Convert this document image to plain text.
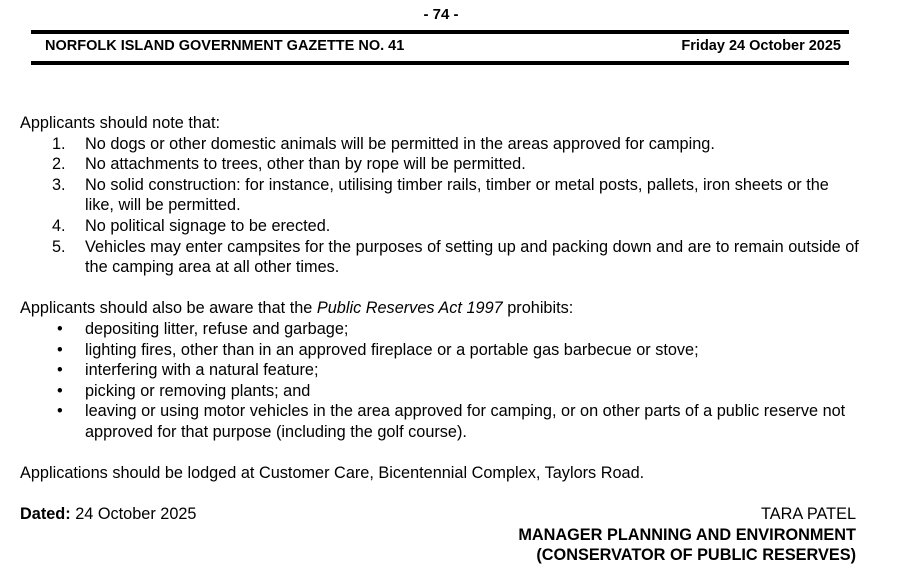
- 74 -
NORFOLK ISLAND GOVERNMENT GAZETTE NO. 41	Friday 24 October 2025

Applicants should note that:

1. No dogs or other domestic animals will be permitted in the areas approved for camping.
2. No attachments to trees, other than by rope will be permitted.
3. No solid construction: for instance, utilising timber rails, timber or metal posts, pallets, iron sheets or the like, will be permitted.
4. No political signage to be erected.
5. Vehicles may enter campsites for the purposes of setting up and packing down and are to remain outside of the camping area at all other times.

Applicants should also be aware that the Public Reserves Act 1997 prohibits:

• depositing litter, refuse and garbage;
• lighting fires, other than in an approved fireplace or a portable gas barbecue or stove;
• interfering with a natural feature;
• picking or removing plants; and
• leaving or using motor vehicles in the area approved for camping, or on other parts of a public reserve not approved for that purpose (including the golf course).

Applications should be lodged at Customer Care, Bicentennial Complex, Taylors Road.

Dated: 24 October 2025	TARA PATEL
MANAGER PLANNING AND ENVIRONMENT
(CONSERVATOR OF PUBLIC RESERVES)
